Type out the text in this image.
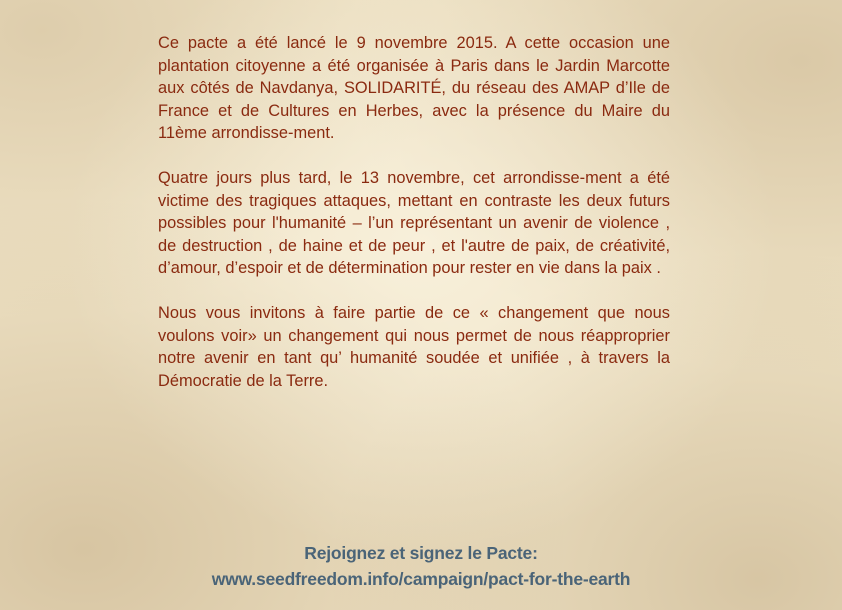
Ce pacte a été lancé le 9 novembre 2015. A cette occasion une plantation citoyenne a été organisée à Paris dans le Jardin Marcotte aux côtés de Navdanya, SOLIDARITÉ, du réseau des AMAP d’Ile de France et de Cultures en Herbes, avec la présence du Maire du 11ème arrondisse-ment.

Quatre jours plus tard, le 13 novembre, cet arrondisse-ment a été victime des tragiques attaques, mettant en contraste les deux futurs possibles pour l'humanité – l’un représentant un avenir de violence , de destruction , de haine et de peur , et l'autre de paix, de créativité, d’amour, d’espoir et de détermination pour rester en vie dans la paix .

Nous vous invitons à faire partie de ce « changement que nous voulons voir» un changement qui nous permet de nous réapproprier notre avenir en tant qu’ humanité soudée et unifiée , à travers la Démocratie de la Terre.

Rejoignez et signez le Pacte:
www.seedfreedom.info/campaign/pact-for-the-earth
